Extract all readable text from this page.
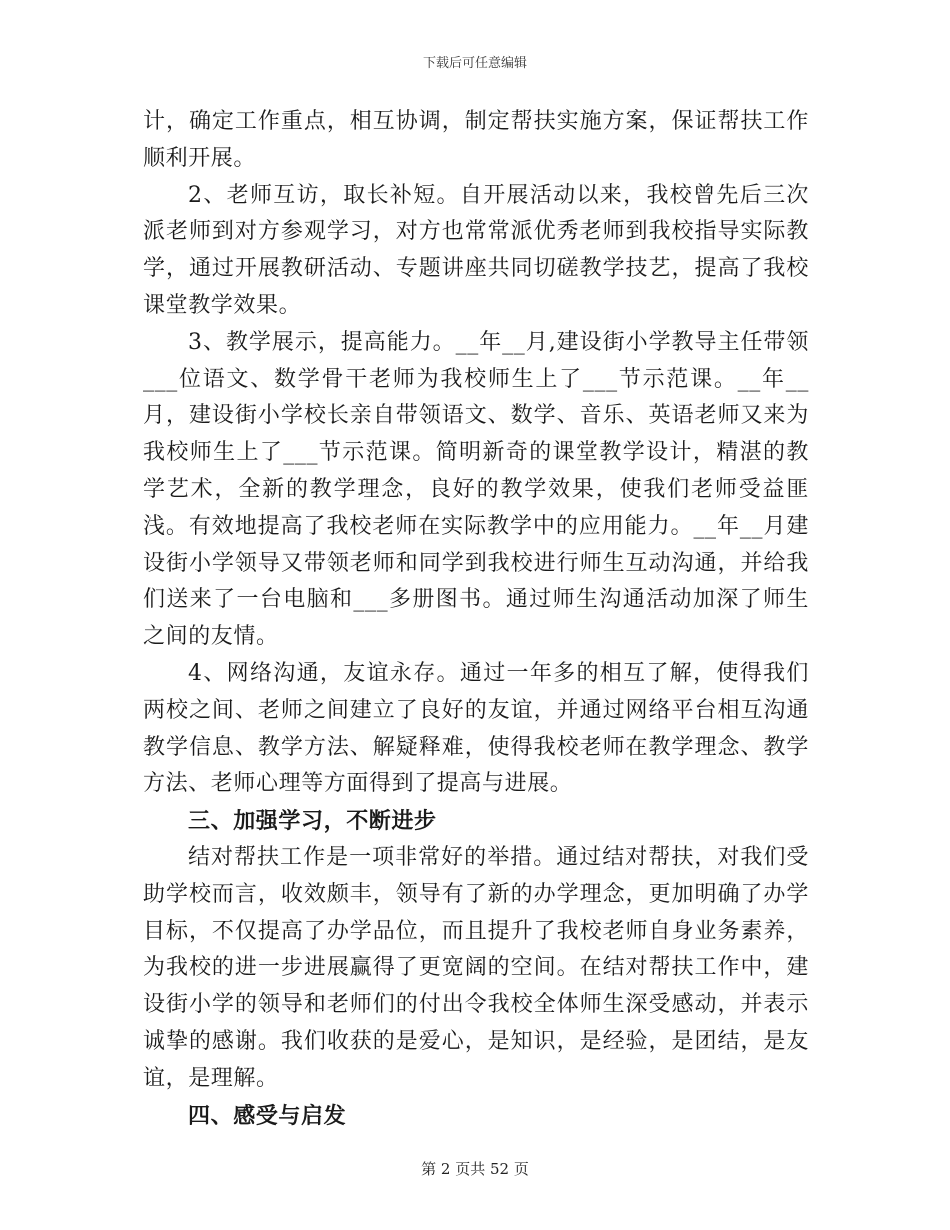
下载后可任意编辑

计，确定工作重点，相互协调，制定帮扶实施方案，保证帮扶工作顺利开展。

2、老师互访，取长补短。自开展活动以来，我校曾先后三次派老师到对方参观学习，对方也常常派优秀老师到我校指导实际教学，通过开展教研活动、专题讲座共同切磋教学技艺，提高了我校课堂教学效果。

3、教学展示，提高能力。__年__月,建设街小学教导主任带领___位语文、数学骨干老师为我校师生上了___节示范课。__年__月，建设街小学校长亲自带领语文、数学、音乐、英语老师又来为我校师生上了___节示范课。简明新奇的课堂教学设计，精湛的教学艺术，全新的教学理念，良好的教学效果，使我们老师受益匪浅。有效地提高了我校老师在实际教学中的应用能力。__年__月建设街小学领导又带领老师和同学到我校进行师生互动沟通，并给我们送来了一台电脑和___多册图书。通过师生沟通活动加深了师生之间的友情。

4、网络沟通，友谊永存。通过一年多的相互了解，使得我们两校之间、老师之间建立了良好的友谊，并通过网络平台相互沟通教学信息、教学方法、解疑释难，使得我校老师在教学理念、教学方法、老师心理等方面得到了提高与进展。

三、加强学习，不断进步

结对帮扶工作是一项非常好的举措。通过结对帮扶，对我们受助学校而言，收效颇丰，领导有了新的办学理念，更加明确了办学目标，不仅提高了办学品位，而且提升了我校老师自身业务素养，为我校的进一步进展赢得了更宽阔的空间。在结对帮扶工作中，建设街小学的领导和老师们的付出令我校全体师生深受感动，并表示诚挚的感谢。我们收获的是爱心，是知识，是经验，是团结，是友谊，是理解。

四、感受与启发

第 2 页共 52 页
